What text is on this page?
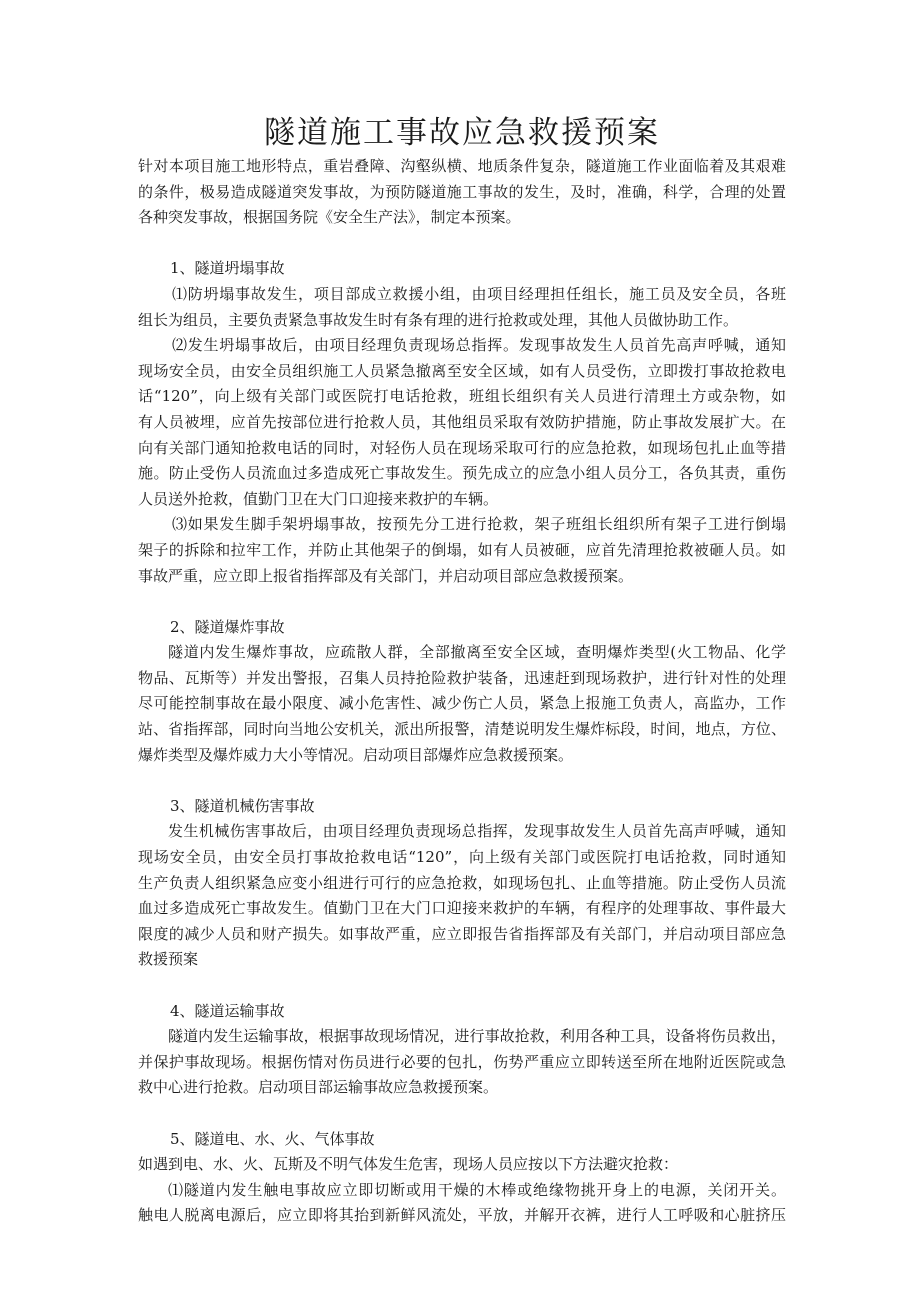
隧道施工事故应急救援预案
针对本项目施工地形特点，重岩叠障、沟壑纵横、地质条件复杂，隧道施工作业面临着及其艰难
的条件，极易造成隧道突发事故，为预防隧道施工事故的发生，及时，准确，科学，合理的处置
各种突发事故，根据国务院《安全生产法》，制定本预案。
1、隧道坍塌事故
⑴防坍塌事故发生，项目部成立救援小组，由项目经理担任组长，施工员及安全员，各班
组长为组员，主要负责紧急事故发生时有条有理的进行抢救或处理，其他人员做协助工作。
⑵发生坍塌事故后，由项目经理负责现场总指挥。发现事故发生人员首先高声呼喊，通知
现场安全员，由安全员组织施工人员紧急撤离至安全区域，如有人员受伤，立即拨打事故抢救电
话“120”，向上级有关部门或医院打电话抢救，班组长组织有关人员进行清理土方或杂物，如
有人员被埋，应首先按部位进行抢救人员，其他组员采取有效防护措施，防止事故发展扩大。在
向有关部门通知抢救电话的同时，对轻伤人员在现场采取可行的应急抢救，如现场包扎止血等措
施。防止受伤人员流血过多造成死亡事故发生。预先成立的应急小组人员分工，各负其责，重伤
人员送外抢救，值勤门卫在大门口迎接来救护的车辆。
⑶如果发生脚手架坍塌事故，按预先分工进行抢救，架子班组长组织所有架子工进行倒塌
架子的拆除和拉牢工作，并防止其他架子的倒塌，如有人员被砸，应首先清理抢救被砸人员。如
事故严重，应立即上报省指挥部及有关部门，并启动项目部应急救援预案。
2、隧道爆炸事故
隧道内发生爆炸事故，应疏散人群，全部撤离至安全区域，查明爆炸类型(火工物品、化学
物品、瓦斯等）并发出警报，召集人员持抢险救护装备，迅速赶到现场救护，进行针对性的处理
尽可能控制事故在最小限度、减小危害性、减少伤亡人员，紧急上报施工负责人，高监办，工作
站、省指挥部，同时向当地公安机关，派出所报警，清楚说明发生爆炸标段，时间，地点，方位、
爆炸类型及爆炸威力大小等情况。启动项目部爆炸应急救援预案。
3、隧道机械伤害事故
发生机械伤害事故后，由项目经理负责现场总指挥，发现事故发生人员首先高声呼喊，通知
现场安全员，由安全员打事故抢救电话“120”，向上级有关部门或医院打电话抢救，同时通知
生产负责人组织紧急应变小组进行可行的应急抢救，如现场包扎、止血等措施。防止受伤人员流
血过多造成死亡事故发生。值勤门卫在大门口迎接来救护的车辆，有程序的处理事故、事件最大
限度的减少人员和财产损失。如事故严重，应立即报告省指挥部及有关部门，并启动项目部应急
救援预案
4、隧道运输事故
隧道内发生运输事故，根据事故现场情况，进行事故抢救，利用各种工具，设备将伤员救出，
并保护事故现场。根据伤情对伤员进行必要的包扎，伤势严重应立即转送至所在地附近医院或急
救中心进行抢救。启动项目部运输事故应急救援预案。
5、隧道电、水、火、气体事故
如遇到电、水、火、瓦斯及不明气体发生危害，现场人员应按以下方法避灾抢救：
⑴隧道内发生触电事故应立即切断或用干燥的木棒或绝缘物挑开身上的电源，关闭开关。
触电人脱离电源后，应立即将其抬到新鲜风流处，平放，并解开衣裤，进行人工呼吸和心脏挤压
